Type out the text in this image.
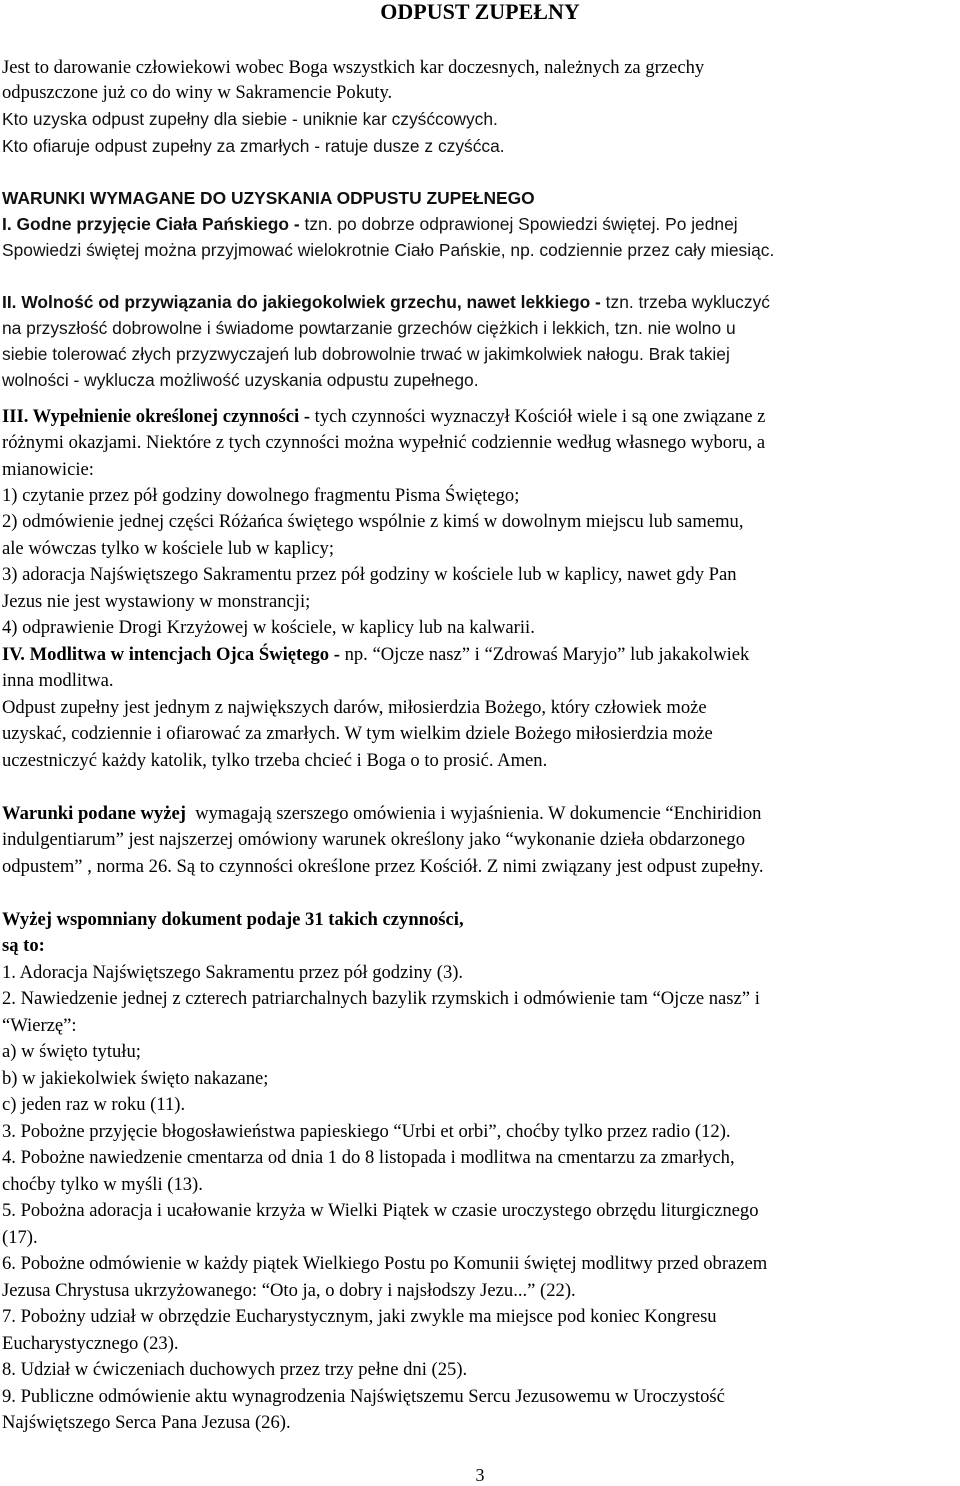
ODPUST ZUPEŁNY
Jest to darowanie człowiekowi wobec Boga wszystkich kar doczesnych, należnych za grzechy
odpuszczone już co do winy w Sakramencie Pokuty.
Kto uzyska odpust zupełny dla siebie - uniknie kar czyśćcowych.
Kto ofiaruje odpust zupełny za zmarłych - ratuje dusze z czyśćca.
WARUNKI WYMAGANE DO UZYSKANIA ODPUSTU ZUPEŁNEGO
I. Godne przyjęcie Ciała Pańskiego - tzn. po dobrze odprawionej Spowiedzi świętej. Po jednej
Spowiedzi świętej można przyjmować wielokrotnie Ciało Pańskie, np. codziennie przez cały miesiąc.
II. Wolność od przywiązania do jakiegokolwiek grzechu, nawet lekkiego - tzn. trzeba wykluczyć
na przyszłość dobrowolne i świadome powtarzanie grzechów ciężkich i lekkich, tzn. nie wolno u
siebie tolerować złych przyzwyczajeń lub dobrowolnie trwać w jakimkolwiek nałogu. Brak takiej
wolności - wyklucza możliwość uzyskania odpustu zupełnego.
III. Wypełnienie określonej czynności - tych czynności wyznaczył Kościół wiele i są one związane z
różnymi okazjami. Niektóre z tych czynności można wypełnić codziennie według własnego wyboru, a
mianowicie:
1) czytanie przez pół godziny dowolnego fragmentu Pisma Świętego;
2) odmówienie jednej części Różańca świętego wspólnie z kimś w dowolnym miejscu lub samemu,
ale wówczas tylko w kościele lub w kaplicy;
3) adoracja Najświętszego Sakramentu przez pół godziny w kościele lub w kaplicy, nawet gdy Pan
Jezus nie jest wystawiony w monstrancji;
4) odprawienie Drogi Krzyżowej w kościele, w kaplicy lub na kalwarii.
IV. Modlitwa w intencjach Ojca Świętego - np. “Ojcze nasz” i “Zdrowaś Maryjo” lub jakakolwiek
inna modlitwa.
Odpust zupełny jest jednym z największych darów, miłosierdzia Bożego, który człowiek może
uzyskać, codziennie i ofiarować za zmarłych. W tym wielkim dziele Bożego miłosierdzia może
uczestniczyć każdy katolik, tylko trzeba chcieć i Boga o to prosić. Amen.
Warunki podane wyżej  wymagają szerszego omówienia i wyjaśnienia. W dokumencie “Enchiridion
indulgentiarum” jest najszerzej omówiony warunek określony jako “wykonanie dzieła obdarzonego
odpustem” , norma 26. Są to czynności określone przez Kościół. Z nimi związany jest odpust zupełny.
Wyżej wspomniany dokument podaje 31 takich czynności,
są to:
1. Adoracja Najświętszego Sakramentu przez pół godziny (3).
2. Nawiedzenie jednej z czterech patriarchalnych bazylik rzymskich i odmówienie tam “Ojcze nasz” i
“Wierzę”:
a) w święto tytułu;
b) w jakiekolwiek święto nakazane;
c) jeden raz w roku (11).
3. Pobożne przyjęcie błogosławieństwa papieskiego “Urbi et orbi”, choćby tylko przez radio (12).
4. Pobożne nawiedzenie cmentarza od dnia 1 do 8 listopada i modlitwa na cmentarzu za zmarłych,
choćby tylko w myśli (13).
5. Pobożna adoracja i ucałowanie krzyża w Wielki Piątek w czasie uroczystego obrzędu liturgicznego
(17).
6. Pobożne odmówienie w każdy piątek Wielkiego Postu po Komunii świętej modlitwy przed obrazem
Jezusa Chrystusa ukrzyżowanego: “Oto ja, o dobry i najsłodszy Jezu...” (22).
7. Pobożny udział w obrzędzie Eucharystycznym, jaki zwykle ma miejsce pod koniec Kongresu
Eucharystycznego (23).
8. Udział w ćwiczeniach duchowych przez trzy pełne dni (25).
9. Publiczne odmówienie aktu wynagrodzenia Najświętszemu Sercu Jezusowemu w Uroczystość
Najświętszego Serca Pana Jezusa (26).
3
